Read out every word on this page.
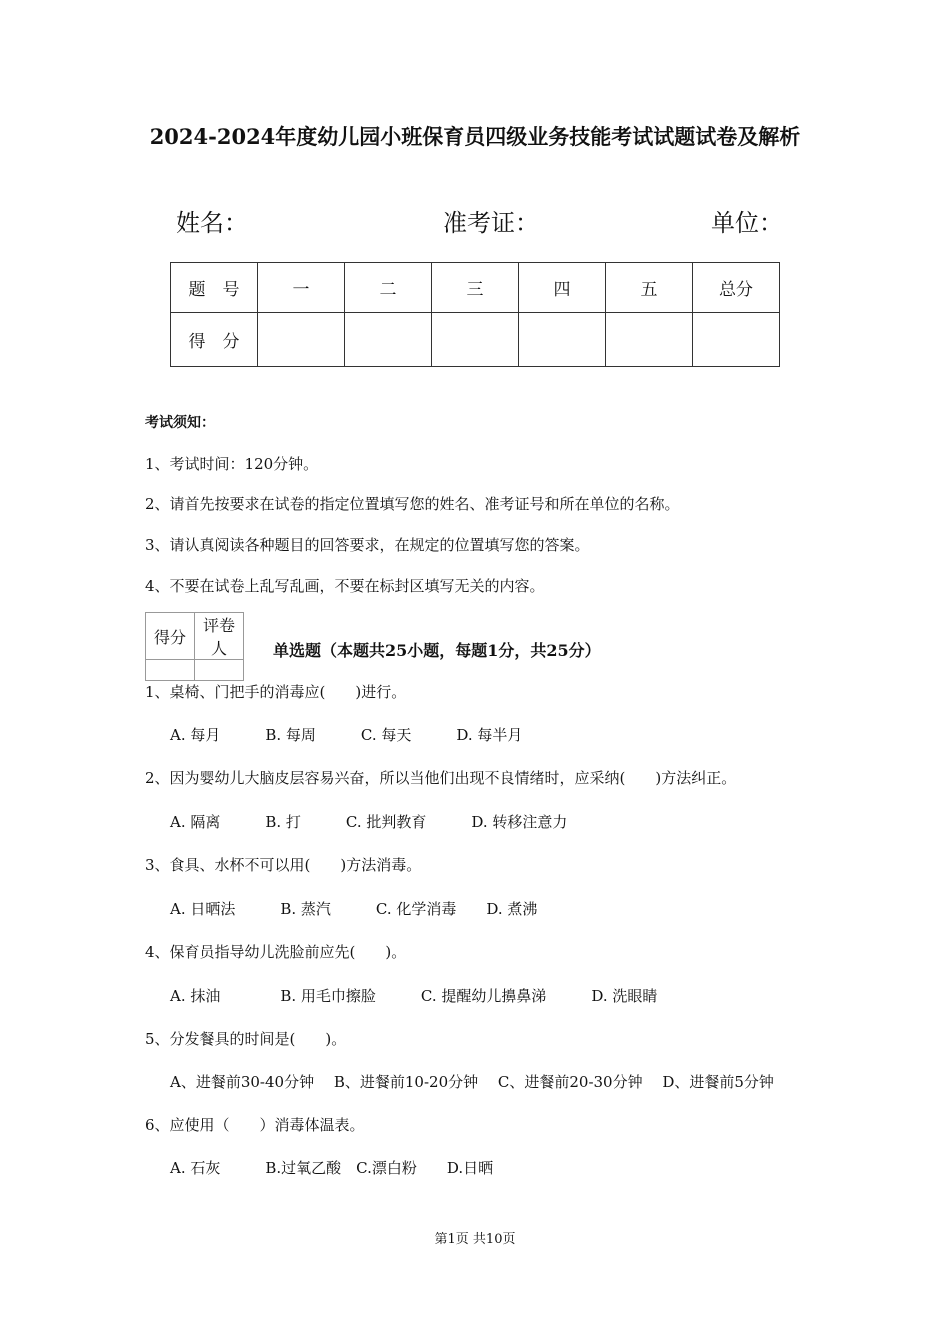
2024-2024年度幼儿园小班保育员四级业务技能考试试题试卷及解析
姓名：	准考证：	单位：
题　号	一	二	三	四	五	总分
得　分						
考试须知：
1、考试时间：120分钟。
2、请首先按要求在试卷的指定位置填写您的姓名、准考证号和所在单位的名称。
3、请认真阅读各种题目的回答要求，在规定的位置填写您的答案。
4、不要在试卷上乱写乱画，不要在标封区填写无关的内容。
得分	评卷人
		单选题（本题共25小题，每题1分，共25分）
1、桌椅、门把手的消毒应(　　)进行。
A. 每月　　　B. 每周　　　C. 每天　　　D. 每半月
2、因为婴幼儿大脑皮层容易兴奋，所以当他们出现不良情绪时，应采纳(　　)方法纠正。
A. 隔离　　　B. 打　　　C. 批判教育　　　D. 转移注意力
3、食具、水杯不可以用(　　)方法消毒。
A. 日晒法　　　B. 蒸汽　　　C. 化学消毒　　D. 煮沸
4、保育员指导幼儿洗脸前应先(　　)。
A. 抹油　　　　B. 用毛巾擦脸　　　C. 提醒幼儿擤鼻涕　　　D. 洗眼睛
5、分发餐具的时间是(　　)。
A、进餐前30-40分钟　 B、进餐前10-20分钟　 C、进餐前20-30分钟　 D、进餐前5分钟
6、应使用（　　）消毒体温表。
A. 石灰　　　B.过氧乙酸　C.漂白粉　　D.日晒
第1页 共10页
